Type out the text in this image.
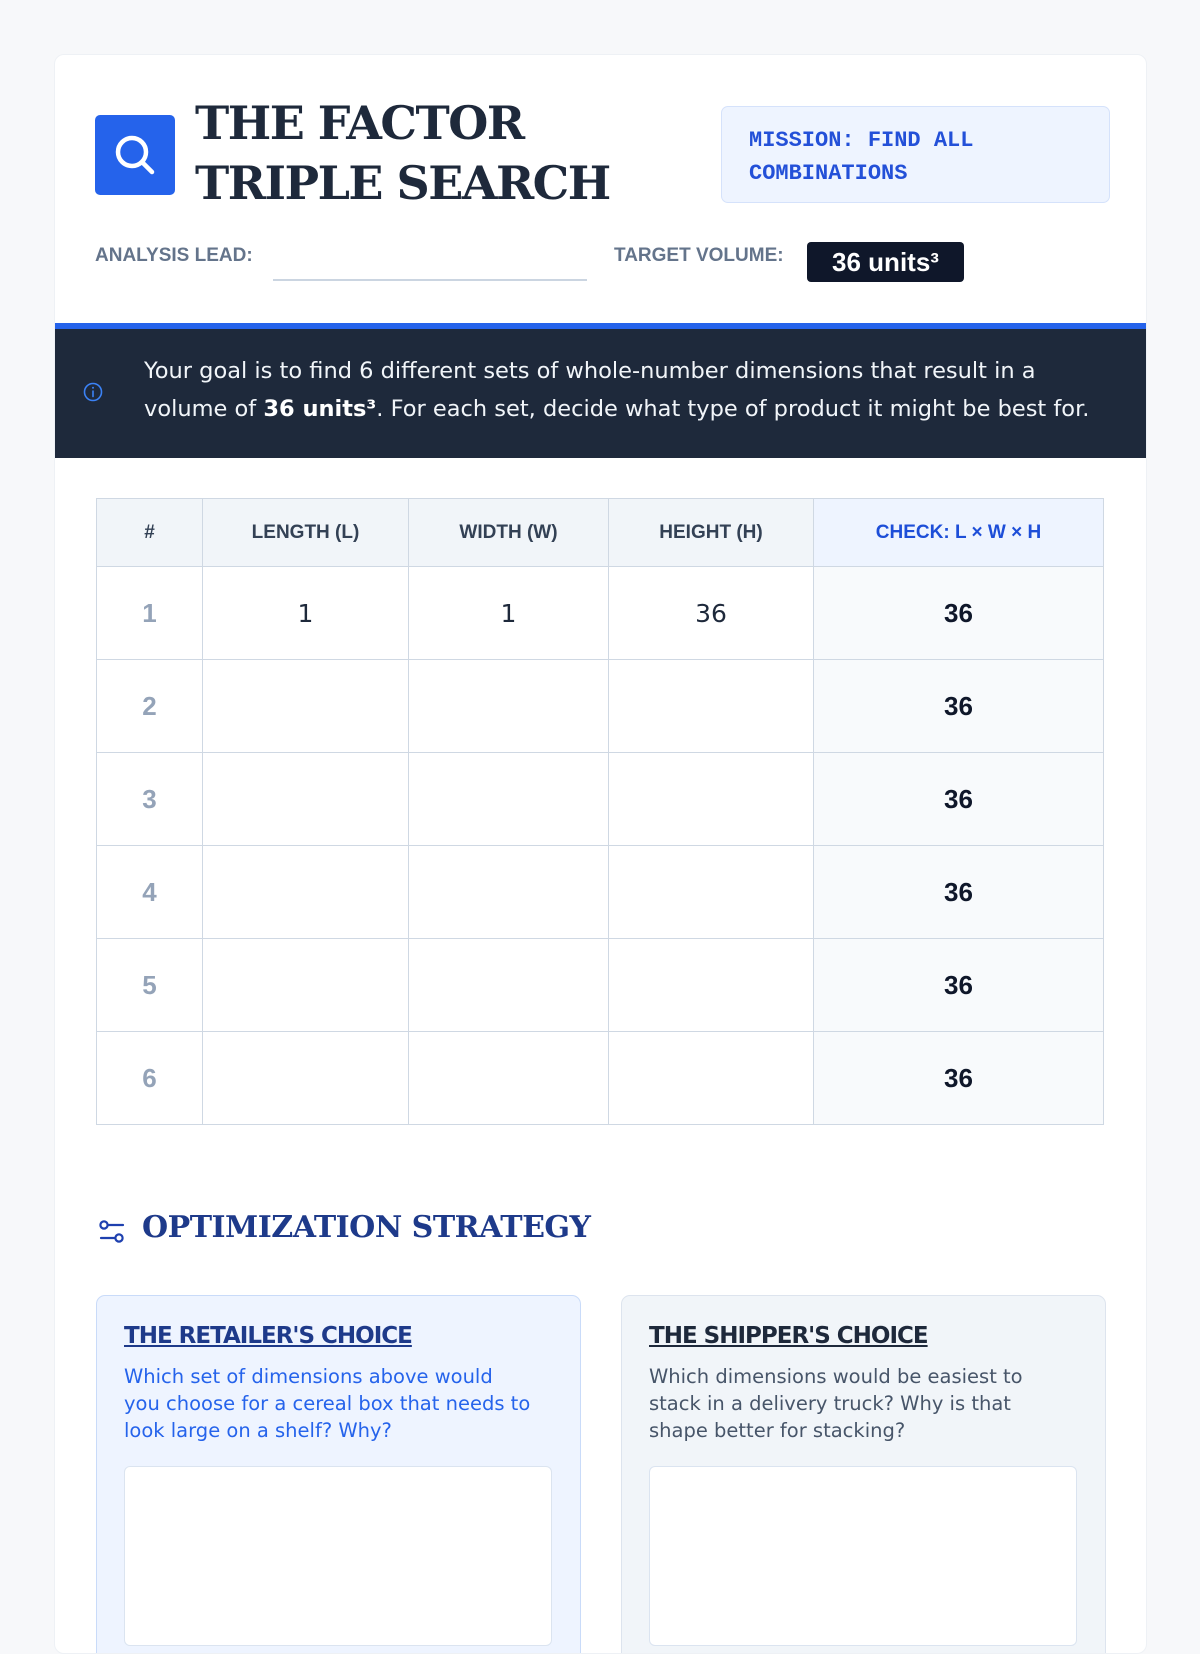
THE FACTOR TRIPLE SEARCH
MISSION: FIND ALL COMBINATIONS
ANALYSIS LEAD:	TARGET VOLUME:	36 units³
Your goal is to find 6 different sets of whole-number dimensions that result in a volume of 36 units³. For each set, decide what type of product it might be best for.
#	LENGTH (L)	WIDTH (W)	HEIGHT (H)	CHECK: L × W × H
1	1	1	36	36
2				36
3				36
4				36
5				36
6				36
OPTIMIZATION STRATEGY
THE RETAILER'S CHOICE

Which set of dimensions above would you choose for a cereal box that needs to look large on a shelf? Why?

THE SHIPPER'S CHOICE

Which dimensions would be easiest to stack in a delivery truck? Why is that shape better for stacking?
